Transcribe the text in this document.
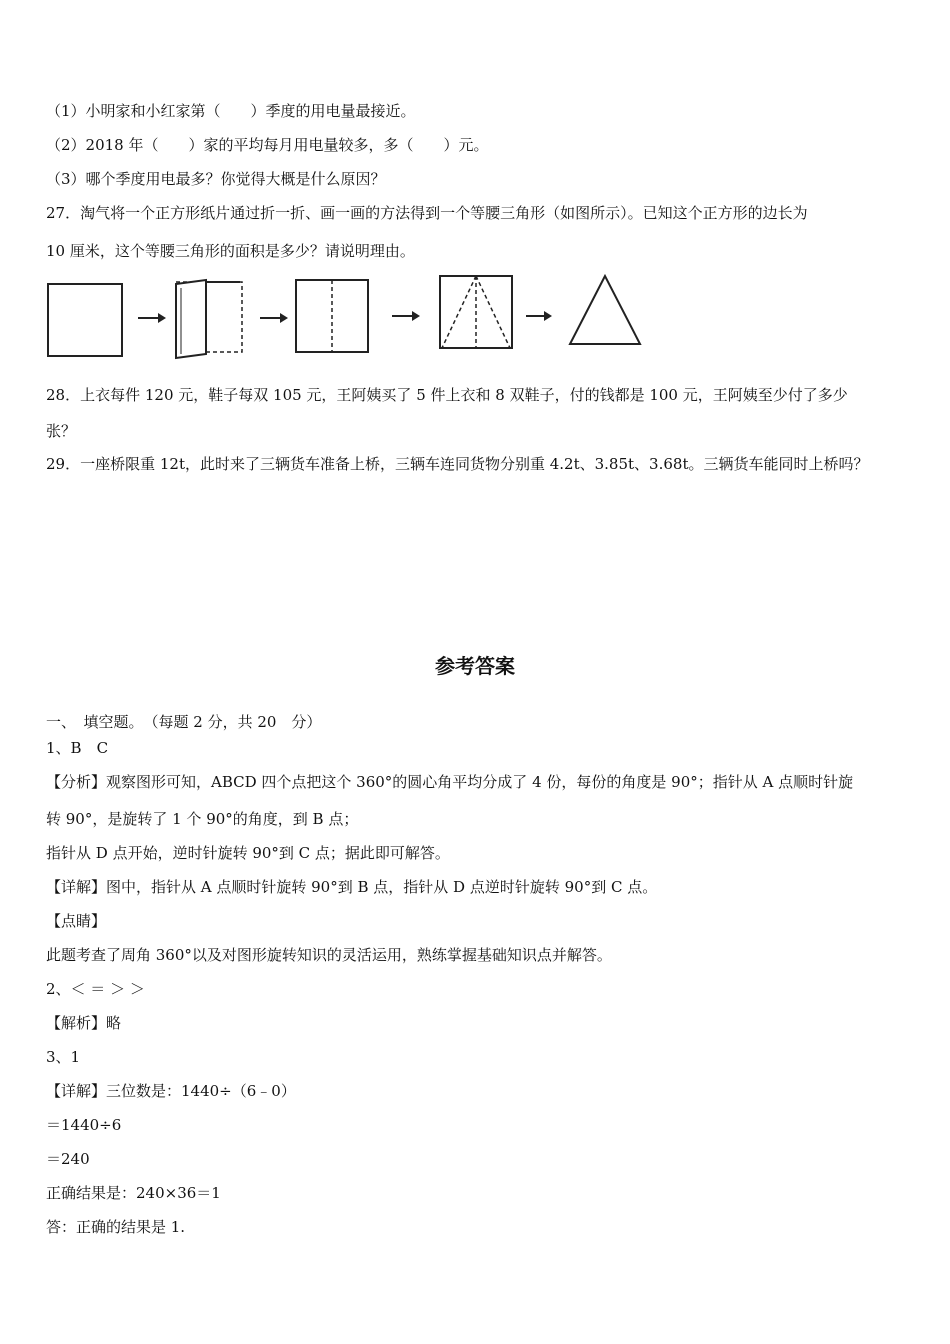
（1）小明家和小红家第（　　）季度的用电量最接近。
（2）2018 年（　　）家的平均每月用电量较多，多（　　）元。
（3）哪个季度用电最多？你觉得大概是什么原因？
27．淘气将一个正方形纸片通过折一折、画一画的方法得到一个等腰三角形（如图所示）。已知这个正方形的边长为
10 厘米，这个等腰三角形的面积是多少？请说明理由。
28．上衣每件 120 元，鞋子每双 105 元，王阿姨买了 5 件上衣和 8 双鞋子，付的钱都是 100 元，王阿姨至少付了多少
张？
29．一座桥限重 12t，此时来了三辆货车准备上桥，三辆车连同货物分别重 4.2t、3.85t、3.68t。三辆货车能同时上桥吗？
参考答案
一、　填空题。　（每题 2 分，共 20　分）
1、B　C
【分析】观察图形可知，ABCD 四个点把这个 360°的圆心角平均分成了 4 份，每份的角度是 90°；指针从 A 点顺时针旋
转 90°，是旋转了 1 个 90°的角度，到 B 点；
指针从 D 点开始，逆时针旋转 90°到 C 点；据此即可解答。
【详解】图中，指针从 A 点顺时针旋转 90°到 B 点，指针从 D 点逆时针旋转 90°到 C 点。
【点睛】
此题考查了周角 360°以及对图形旋转知识的灵活运用，熟练掌握基础知识点并解答。
2、＜ ＝ ＞ ＞
【解析】略
3、1
【详解】三位数是：1440÷（6﹣0）
＝1440÷6
＝240
正确结果是：240×36＝1
答：正确的结果是 1.
